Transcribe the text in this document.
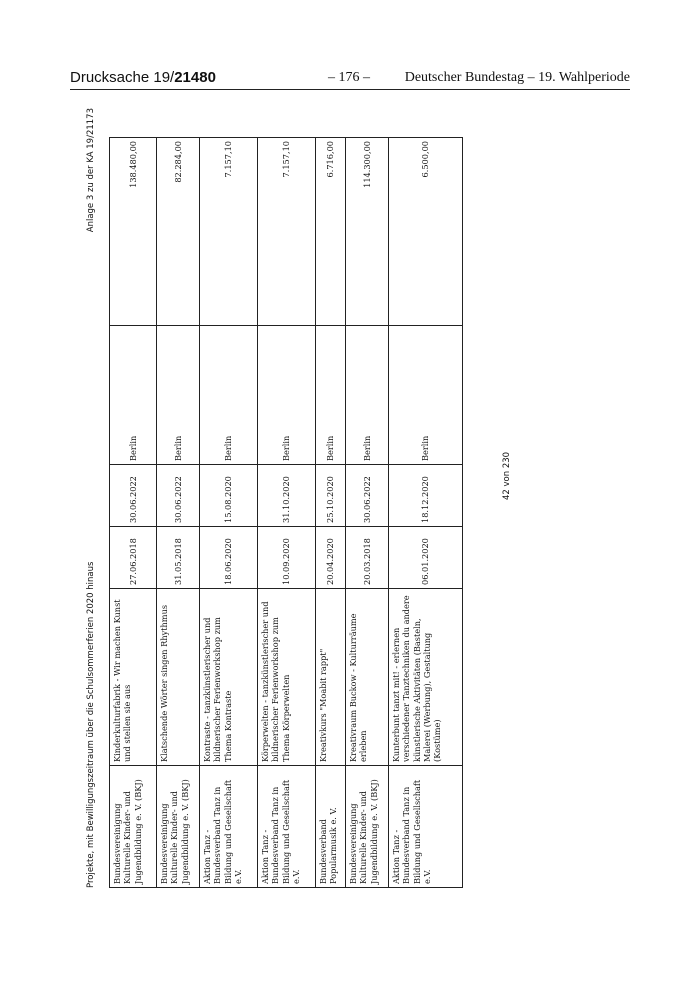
Drucksache 19/21480	– 176 – Deutscher Bundestag – 19. Wahlperiode
Projekte, mit Bewilligungszeitraum über die Schulsommerferien 2020 hinaus
Anlage 3 zu der KA 19/21173
Bundesvereinigung Kulturelle Kinder- und Jugendbildung e. V. (BKJ)	Kinderkulturfabrik - Wir machen Kunst und stellen sie aus	27.06.2018	30.06.2022	Berlin	138.480,00
Bundesvereinigung Kulturelle Kinder- und Jugendbildung e. V. (BKJ)	Klatschende Wörter singen Rhythmus	31.05.2018	30.06.2022	Berlin	82.284,00
Aktion Tanz - Bundesverband Tanz in Bildung und Gesellschaft e.V.	Kontraste - tanzkünstlerischer und bildnerischer Ferienworkshop zum Thema Kontraste	18.06.2020	15.08.2020	Berlin	7.157,10
Aktion Tanz - Bundesverband Tanz in Bildung und Gesellschaft e.V.	Körperwelten - tanzkünstlerischer und bildnerischer Ferienworkshop zum Thema Körperwelten	10.09.2020	31.10.2020	Berlin	7.157,10
Bundesverband Popularmusik e. V.	Kreativkurs "Moabit rappt"	20.04.2020	25.10.2020	Berlin	6.716,00
Bundesvereinigung Kulturelle Kinder- und Jugendbildung e. V. (BKJ)	Kreativraum Buckow - Kulturräume erleben	20.03.2018	30.06.2022	Berlin	114.300,00
Aktion Tanz - Bundesverband Tanz in Bildung und Gesellschaft e.V.	Kunterbunt tanzt mit! - erlernen verschiedener Tanztechniken du andere künstlerische Aktivitäten (Basteln, Malerei (Werbung), Gestaltung (Kostüme)	06.01.2020	18.12.2020	Berlin	6.500,00
42 von 230
